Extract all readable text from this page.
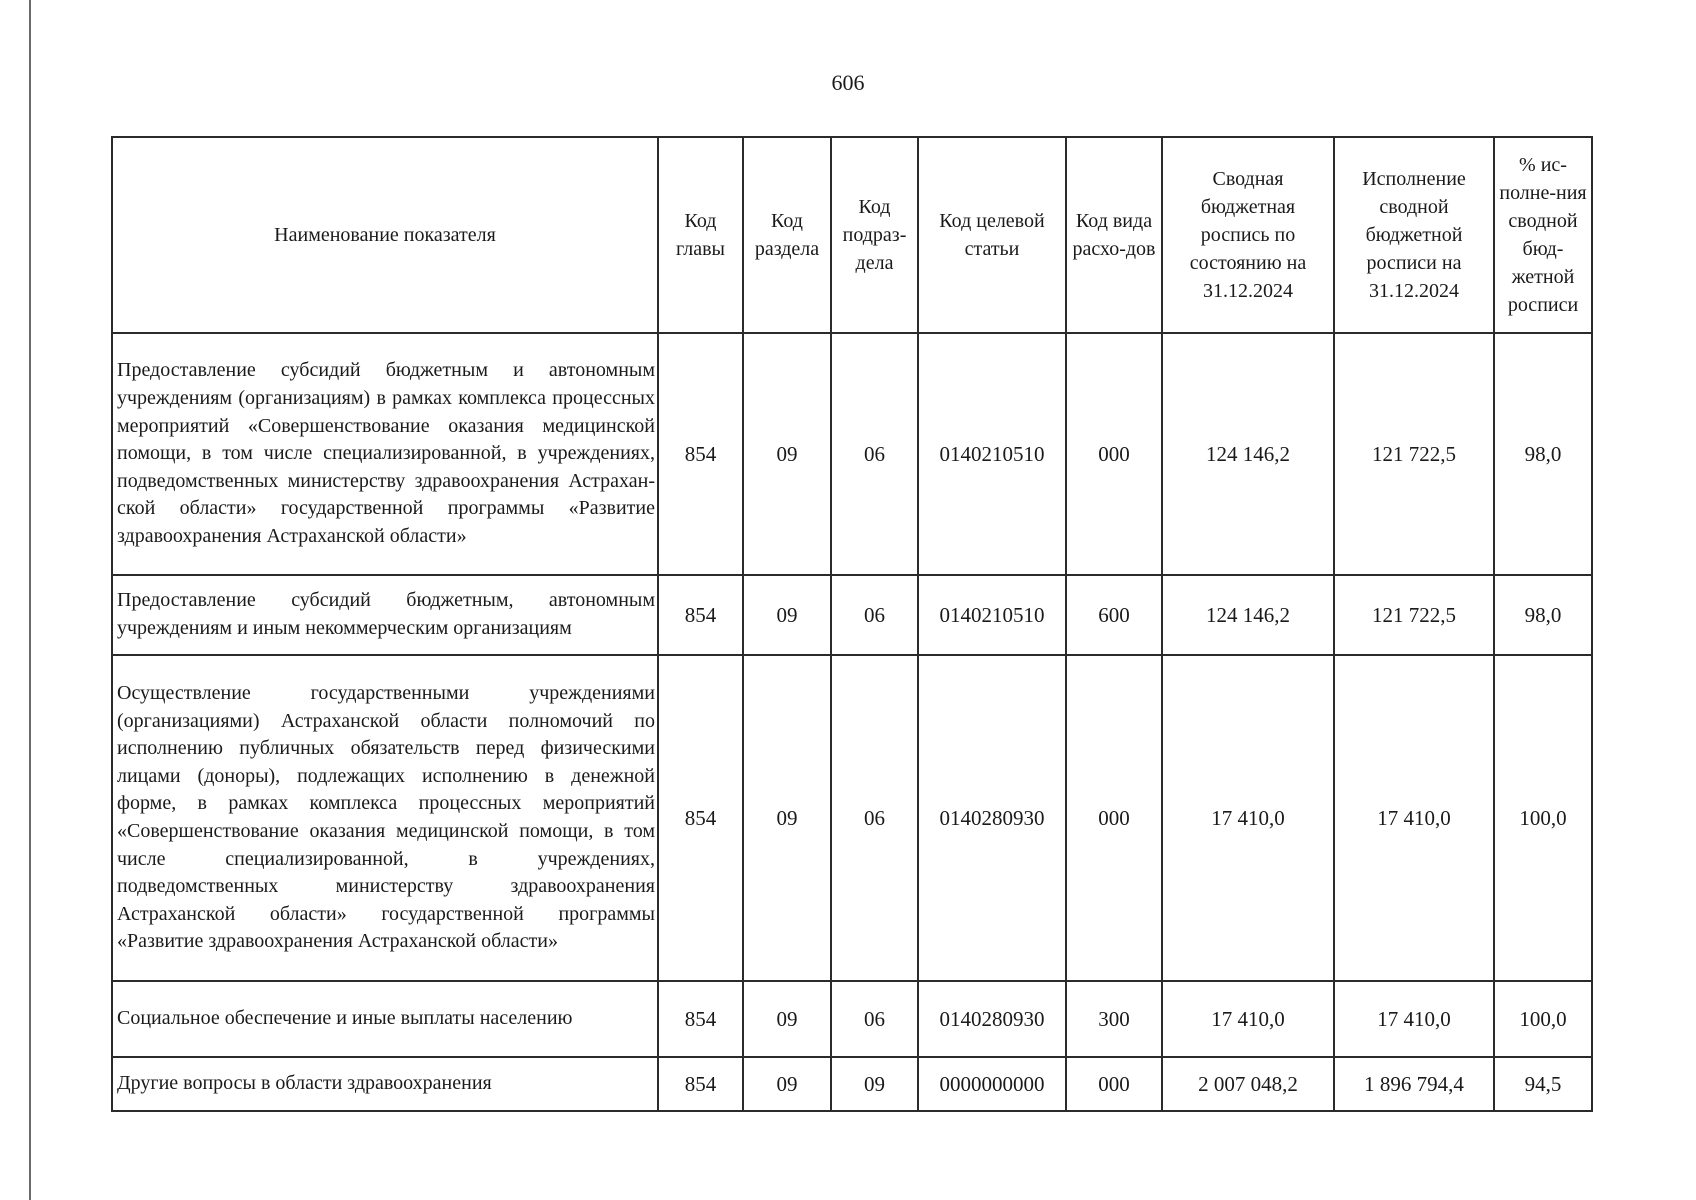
606
Наименование показателя	Код главы	Код раздела	Код подраз-дела	Код целевой статьи	Код вида расхо-дов	Сводная бюджетная роспись по состоянию на 31.12.2024	Исполнение сводной бюджетной росписи на 31.12.2024	% ис-полне-ния сводной бюд-жетной росписи
Предоставление субсидий бюджетным и автономным учреждениям (организациям) в рамках комплекса процессных мероприятий «Совершенствование оказания медицинской помощи, в том числе специализированной, в учреждениях, подведомственных министерству здравоохранения Астраханской области» государственной программы «Развитие здравоохранения Астраханской области»	854	09	06	0140210510	000	124 146,2	121 722,5	98,0
Предоставление субсидий бюджетным, автономным учреждениям и иным некоммерческим организациям	854	09	06	0140210510	600	124 146,2	121 722,5	98,0
Осуществление государственными учреждениями (организациями) Астраханской области полномочий по исполнению публичных обязательств перед физическими лицами (доноры), подлежащих исполнению в денежной форме, в рамках комплекса процессных мероприятий «Совершенствование оказания медицинской помощи, в том числе специализированной, в учреждениях, подведомственных министерству здравоохранения Астраханской области» государственной программы «Развитие здравоохранения Астраханской области»	854	09	06	0140280930	000	17 410,0	17 410,0	100,0
Социальное обеспечение и иные выплаты населению	854	09	06	0140280930	300	17 410,0	17 410,0	100,0
Другие вопросы в области здравоохранения	854	09	09	0000000000	000	2 007 048,2	1 896 794,4	94,5
